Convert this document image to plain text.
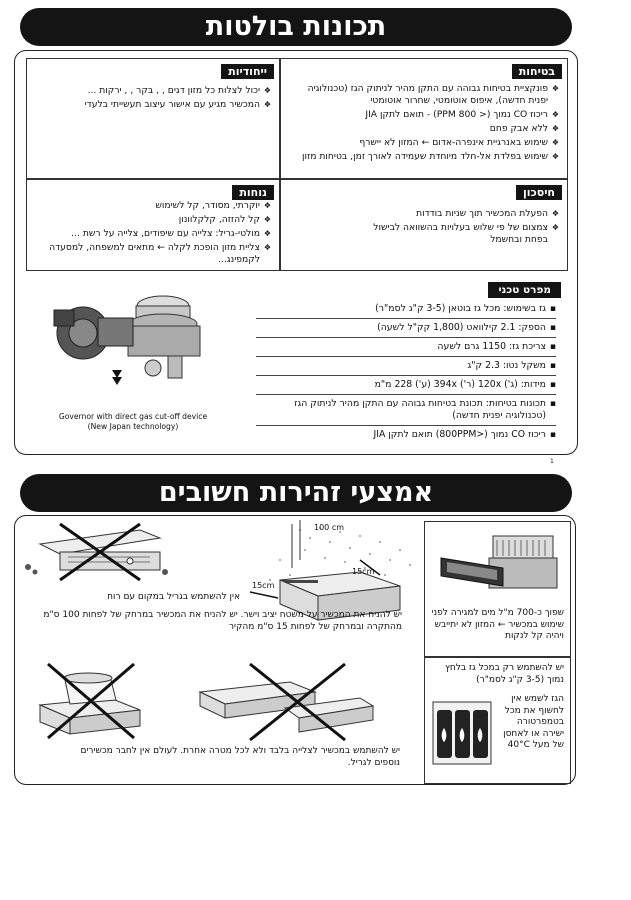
תכונות בולטות
בטיחות
❖ פונקציית בטיחות גבוהה עם התקן מהיר לניתוק הגז (טכנולוגיה יפנית חדשה), איפוס אוטומטי, שחרור אוטומטי
❖ ריכוז CO נמוך (< 800 PPM) - תואם לתקן JIA
❖ ללא אבק פחם
❖ שימוש באנרגיית אינפרה-אדום ← המזון לא יישרף
❖ שימוש בפלדת אל-חלד מיוחדת שעמידה לאורך זמן, בטיחות מזון
ייחודיות
❖ יכול לצלות כל מזון דגים , , בקר , , ירקות ...
❖ המכשיר מגיע עם אישור עיצוב תעשייתי בלעדי
חיסכון
❖ הפעלת המכשיר תוך שניות בודדות
❖ צמצום של פי שלוש בעלויות בהשוואה לבישול בפחת ובחשמל
נוחות
❖ יוקרתי, מסודר, קל לשימוש
❖ קל להזזה, קלקלוונון
❖ מולטי-גריל: צלייה עם שיפודים, צלייה על רשת ...
❖ צליית מזון הופכת לקלה ← מתאים למשפחה, למסעדה לקמפינג...
מפרט טכני
▪ גז בשימוש: מכל גז בוטאן (3-5 ק"ג לסמ"ר)
▪ הספק: 2.1 קילוואט (1,800 קק"ל לשעה)
▪ צריכת גז: 1150 גרם לשעה
▪ משקל נטו: 2.3 ק"ג
▪ מידות: (ג') 120x (ר') 394x (ע') 228 מ"מ
▪ תכונות בטיחות: תכונת בטיחות גבוהה עם התקן מהיר לניתוק הגז (טכנולוגיה יפנית חדשה)
▪ ריכוז CO נמוך (<800PPM) תואם לתקן JIA
Governor with direct gas cut-off device (New Japan technology)
1
אמצעי זהירות חשובים
100 cm
15cm
15cm
אין להשתמש בגריל במקום עם רוח
יש להניח את המכשיר על משטח יציב וישר. יש להניח את המכשיר במרחק של לפחות 100 ס"מ מהתקרה ובמרחק של לפחות 15 ס"מ מהקיר
שפוך כ-700 מ"ל מים למגירה לפני שימוש במכשיר ← המזון לא יתייבש ויהיה קל לנקות
יש להשתמש רק במכל גז בלחץ נמוך (3-5 ק"ג לסמ"ר)
הגז לשמש אין לחשוף את מכל בטמפרטורה ישירה או לאחסן של מעל 40°C
יש להשתמש במכשיר לצלייה בלבד ולא לכל מטרה אחרת. לעולם אין לחבר מכשירים נוספים לגריל.
